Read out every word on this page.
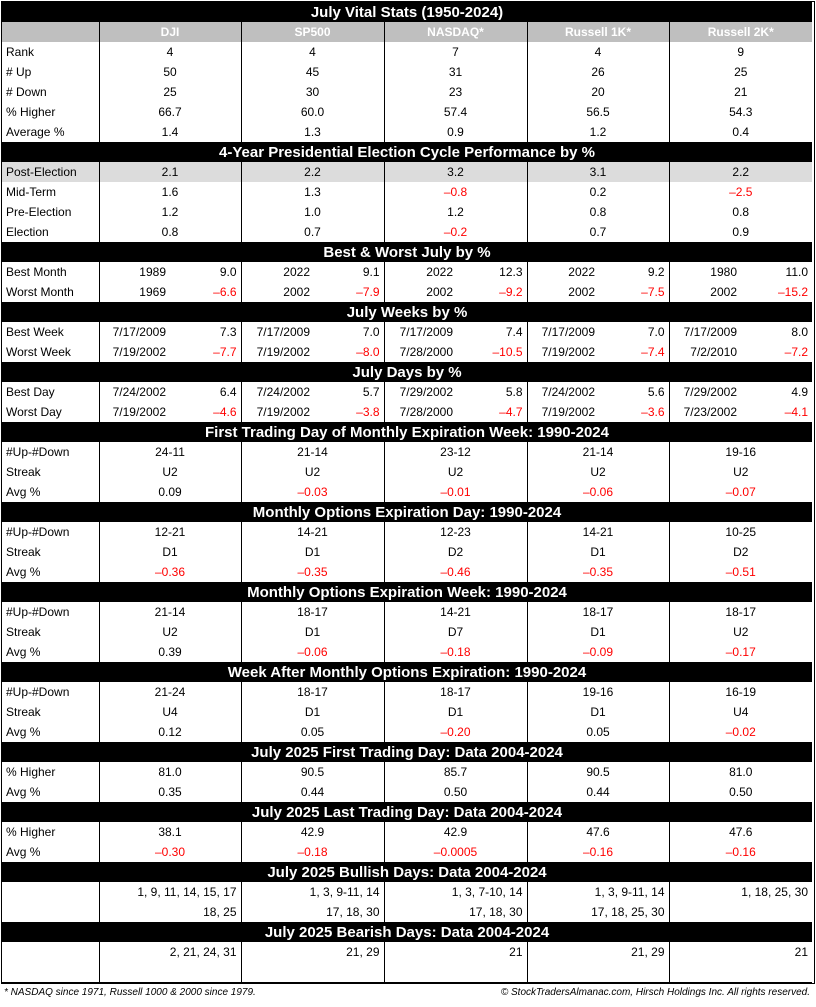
July Vital Stats (1950-2024)										
	DJI		SP500		NASDAQ*		Russell 1K*		Russell 2K*	
Rank	4		4		7		4		9	
# Up	50		45		31		26		25	
# Down	25		30		23		20		21	
% Higher	66.7		60.0		57.4		56.5		54.3	
Average %	1.4		1.3		0.9		1.2		0.4	
4-Year Presidential Election Cycle Performance by %										
Post-Election	2.1		2.2		3.2		3.1		2.2	
Mid-Term	1.6		1.3		–0.8		0.2		–2.5	
Pre-Election	1.2		1.0		1.2		0.8		0.8	
Election	0.8		0.7		–0.2		0.7		0.9	
Best & Worst July by %										
Best Month	1989	9.0	2022	9.1	2022	12.3	2022	9.2	1980	11.0
Worst Month	1969	–6.6	2002	–7.9	2002	–9.2	2002	–7.5	2002	–15.2
July Weeks by %										
Best Week	7/17/2009	7.3	7/17/2009	7.0	7/17/2009	7.4	7/17/2009	7.0	7/17/2009	8.0
Worst Week	7/19/2002	–7.7	7/19/2002	–8.0	7/28/2000	–10.5	7/19/2002	–7.4	7/2/2010	–7.2
July Days by %										
Best Day	7/24/2002	6.4	7/24/2002	5.7	7/29/2002	5.8	7/24/2002	5.6	7/29/2002	4.9
Worst Day	7/19/2002	–4.6	7/19/2002	–3.8	7/28/2000	–4.7	7/19/2002	–3.6	7/23/2002	–4.1
First Trading Day of Monthly Expiration Week: 1990-2024										
#Up-#Down	24-11		21-14		23-12		21-14		19-16	
Streak	U2		U2		U2		U2		U2	
Avg %	0.09		–0.03		–0.01		–0.06		–0.07	
Monthly Options Expiration Day: 1990-2024										
#Up-#Down	12-21		14-21		12-23		14-21		10-25	
Streak	D1		D1		D2		D1		D2	
Avg %	–0.36		–0.35		–0.46		–0.35		–0.51	
Monthly Options Expiration Week: 1990-2024										
#Up-#Down	21-14		18-17		14-21		18-17		18-17	
Streak	U2		D1		D7		D1		U2	
Avg %	0.39		–0.06		–0.18		–0.09		–0.17	
Week After Monthly Options Expiration: 1990-2024										
#Up-#Down	21-24		18-17		18-17		19-16		16-19	
Streak	U4		D1		D1		D1		U4	
Avg %	0.12		0.05		–0.20		0.05		–0.02	
July 2025 First Trading Day: Data 2004-2024										
% Higher	81.0		90.5		85.7		90.5		81.0	
Avg %	0.35		0.44		0.50		0.44		0.50	
July 2025 Last Trading Day: Data 2004-2024										
% Higher	38.1		42.9		42.9		47.6		47.6	
Avg %	–0.30		–0.18		–0.0005		–0.16		–0.16	
July 2025 Bullish Days: Data 2004-2024										
	1, 9, 11, 14, 15, 17		1, 3, 9-11, 14		1, 3, 7-10, 14		1, 3, 9-11, 14		1, 18, 25, 30	
	18, 25		17, 18, 30		17, 18, 30		17, 18, 25, 30			
July 2025 Bearish Days: Data 2004-2024										
	2, 21, 24, 31		21, 29		21		21, 29		21	

* NASDAQ since 1971, Russell 1000 & 2000 since 1979.	© StockTradersAlmanac.com, Hirsch Holdings Inc. All rights reserved.
